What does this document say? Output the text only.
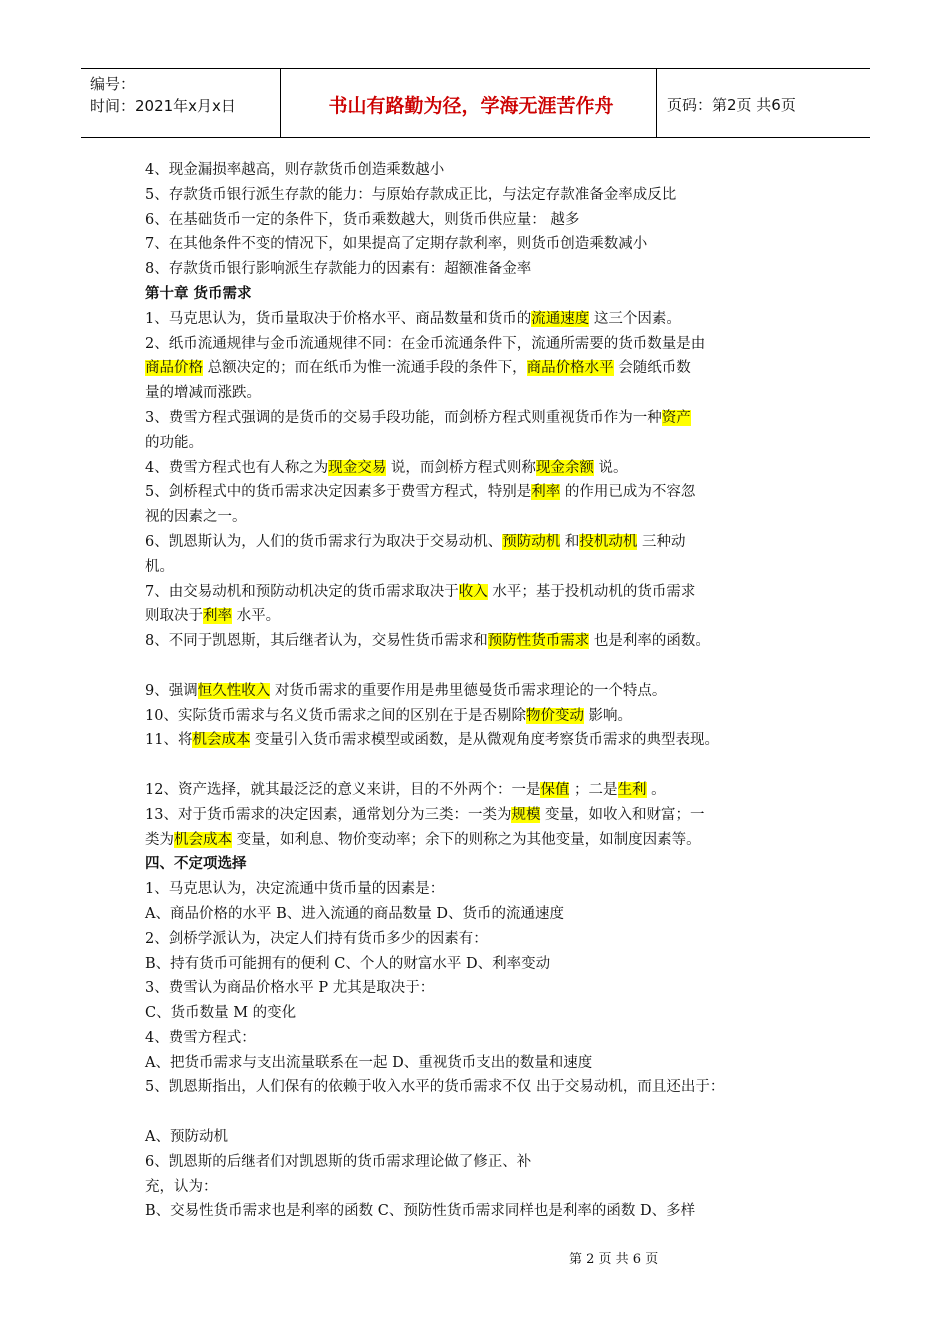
编号：
时间：2021年x月x日	书山有路勤为径，学海无涯苦作舟	页码：第2页 共6页
4、现金漏损率越高，则存款货币创造乘数越小
5、存款货币银行派生存款的能力：与原始存款成正比，与法定存款准备金率成反比
6、在基础货币一定的条件下，货币乘数越大，则货币供应量： 越多
7、在其他条件不变的情况下，如果提高了定期存款利率，则货币创造乘数减小
8、存款货币银行影响派生存款能力的因素有：超额准备金率
第十章 货币需求
1、马克思认为，货币量取决于价格水平、商品数量和货币的流通速度 这三个因素。
2、纸币流通规律与金币流通规律不同：在金币流通条件下，流通所需要的货币数量是由
商品价格 总额决定的；而在纸币为惟一流通手段的条件下，商品价格水平 会随纸币数
量的增减而涨跌。
3、费雪方程式强调的是货币的交易手段功能，而剑桥方程式则重视货币作为一种资产
的功能。
4、费雪方程式也有人称之为现金交易 说，而剑桥方程式则称现金余额 说。
5、剑桥程式中的货币需求决定因素多于费雪方程式，特别是利率 的作用已成为不容忽
视的因素之一。
6、凯恩斯认为，人们的货币需求行为取决于交易动机、预防动机 和投机动机 三种动
机。
7、由交易动机和预防动机决定的货币需求取决于收入 水平；基于投机动机的货币需求
则取决于利率 水平。
8、不同于凯恩斯，其后继者认为，交易性货币需求和预防性货币需求 也是利率的函数。
9、强调恒久性收入 对货币需求的重要作用是弗里德曼货币需求理论的一个特点。
10、实际货币需求与名义货币需求之间的区别在于是否剔除物价变动 影响。
11、将机会成本 变量引入货币需求模型或函数，是从微观角度考察货币需求的典型表现。
12、资产选择，就其最泛泛的意义来讲，目的不外两个：一是保值 ；二是生利 。
13、对于货币需求的决定因素，通常划分为三类：一类为规模 变量，如收入和财富；一
类为机会成本 变量，如利息、物价变动率；余下的则称之为其他变量，如制度因素等。
四、不定项选择
1、马克思认为，决定流通中货币量的因素是：
A、商品价格的水平 B、进入流通的商品数量 D、货币的流通速度
2、剑桥学派认为，决定人们持有货币多少的因素有：
B、持有货币可能拥有的便利 C、个人的财富水平 D、利率变动
3、费雪认为商品价格水平 P 尤其是取决于：
C、货币数量 M 的变化
4、费雪方程式：
A、把货币需求与支出流量联系在一起 D、重视货币支出的数量和速度
5、凯恩斯指出，人们保有的依赖于收入水平的货币需求不仅 出于交易动机，而且还出于：
A、预防动机
6、凯恩斯的后继者们对凯恩斯的货币需求理论做了修正、补
充，认为：
B、交易性货币需求也是利率的函数 C、预防性货币需求同样也是利率的函数 D、多样
第 2 页 共 6 页
